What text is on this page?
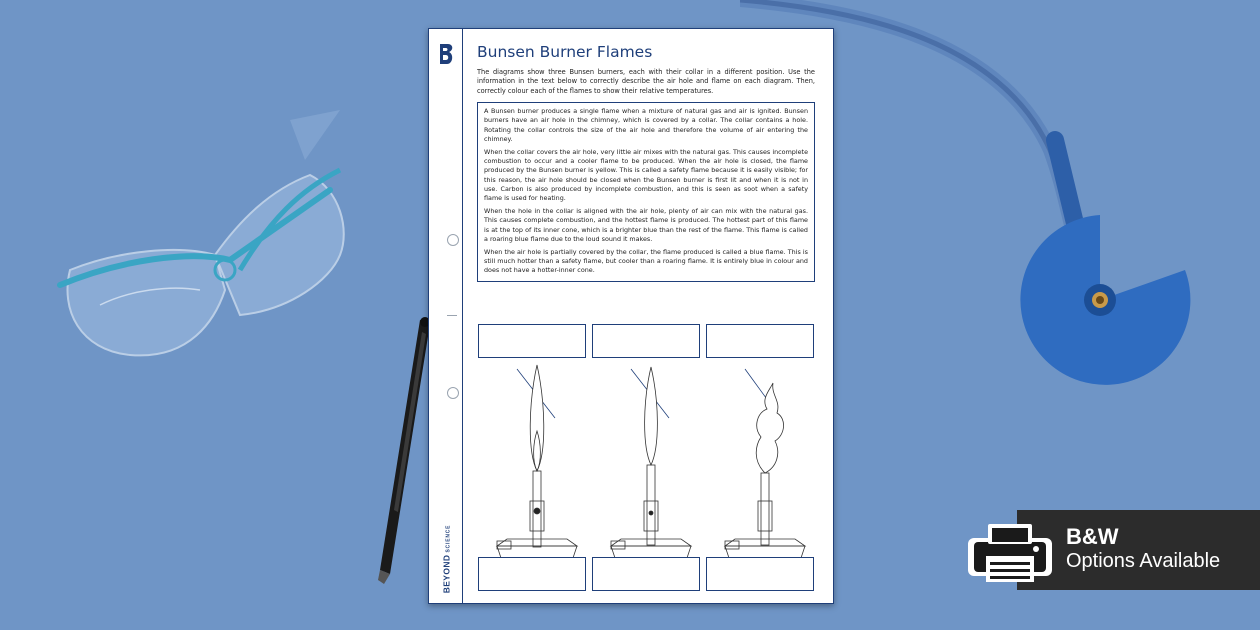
BEYONDSCIENCE
Bunsen Burner Flames

The diagrams show three Bunsen burners, each with their collar in a different position. Use the information in the text below to correctly describe the air hole and flame on each diagram. Then, correctly colour each of the flames to show their relative temperatures.

A Bunsen burner produces a single flame when a mixture of natural gas and air is ignited. Bunsen burners have an air hole in the chimney, which is covered by a collar. The collar contains a hole. Rotating the collar controls the size of the air hole and therefore the volume of air entering the chimney.

When the collar covers the air hole, very little air mixes with the natural gas. This causes incomplete combustion to occur and a cooler flame to be produced. When the air hole is closed, the flame produced by the Bunsen burner is yellow. This is called a safety flame because it is easily visible; for this reason, the air hole should be closed when the Bunsen burner is first lit and when it is not in use. Carbon is also produced by incomplete combustion, and this is seen as soot when a safety flame is used for heating.

When the hole in the collar is aligned with the air hole, plenty of air can mix with the natural gas. This causes complete combustion, and the hottest flame is produced. The hottest part of this flame is at the top of its inner cone, which is a brighter blue than the rest of the flame. This flame is called a roaring blue flame due to the loud sound it makes.

When the air hole is partially covered by the collar, the flame produced is called a blue flame. This is still much hotter than a safety flame, but cooler than a roaring flame. It is entirely blue in colour and does not have a hotter-inner cone.

B&W
Options Available
